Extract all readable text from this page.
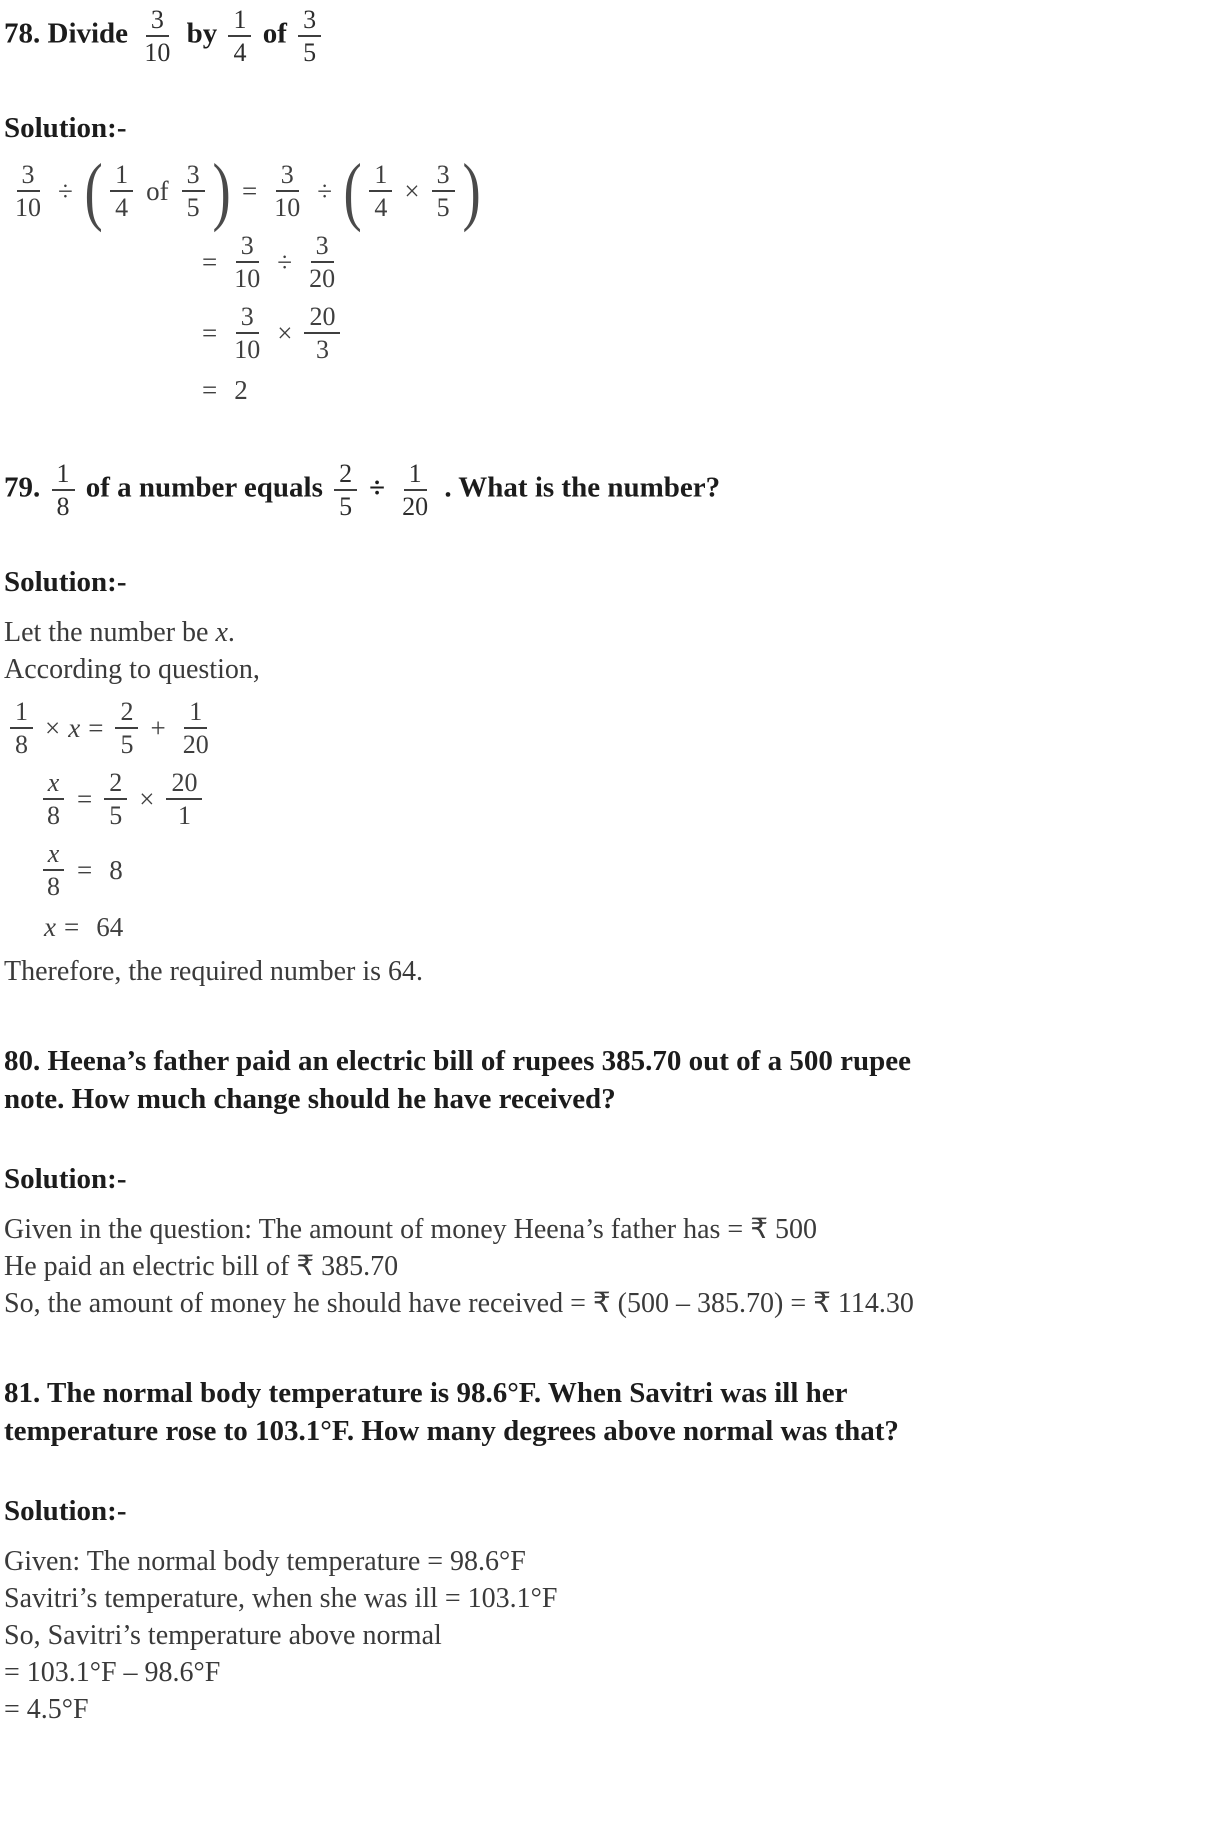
78. Divide $\frac{3}{10}$ by $\frac{1}{4}$ of $\frac{3}{5}$

Solution:-

$\frac{3}{10}$ ÷ ( $\frac{1}{4}$ of $\frac{3}{5}$ ) = $\frac{3}{10}$ ÷ ( $\frac{1}{4} \times \frac{3}{5}$ )
= $\frac{3}{10} \div \frac{3}{20}$
= $\frac{3}{10} \times \frac{20}{3}$
= 2

79. $\frac{1}{8}$ of a number equals $\frac{2}{5} \div \frac{1}{20}$ . What is the number?

Solution:-

Let the number be x.

According to question,

$\frac{1}{8} \times x = \frac{2}{5} + \frac{1}{20}$
$\frac{x}{8} = \frac{2}{5} \times \frac{20}{1}$
$\frac{x}{8} = 8$
x = 64

Therefore, the required number is 64.

80. Heena’s father paid an electric bill of rupees 385.70 out of a 500 rupee
note. How much change should he have received?

Solution:-

Given in the question: The amount of money Heena’s father has = ₹ 500

He paid an electric bill of ₹ 385.70

So, the amount of money he should have received = ₹ (500 – 385.70) = ₹ 114.30

81. The normal body temperature is 98.6°F. When Savitri was ill her
temperature rose to 103.1°F. How many degrees above normal was that?

Solution:-

Given: The normal body temperature = 98.6°F

Savitri’s temperature, when she was ill = 103.1°F

So, Savitri’s temperature above normal

= 103.1°F – 98.6°F

= 4.5°F
